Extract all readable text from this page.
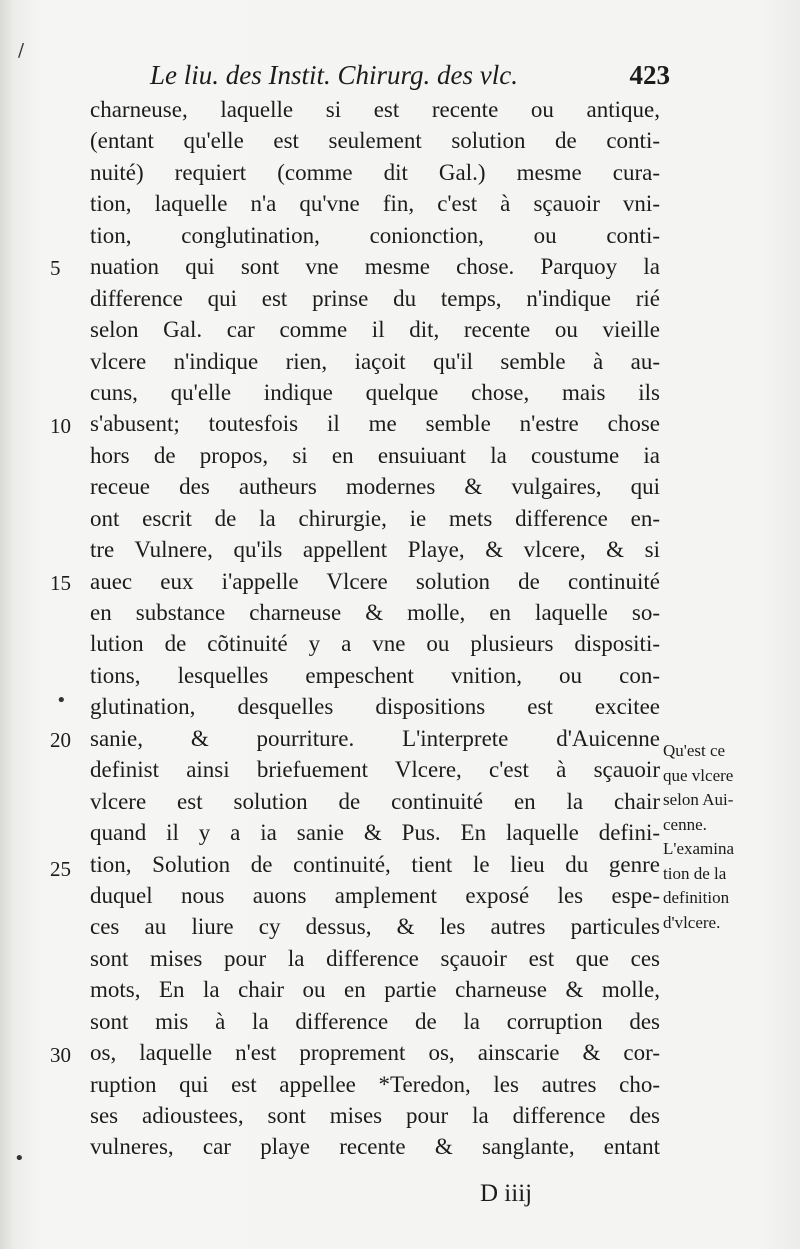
Le liu. des Instit. Chirurg. des vlc.	423
charneuse, laquelle si est recente ou antique,
(entant qu'elle est seulement solution de conti-
nuité) requiert (comme dit Gal.) mesme cura-
tion, laquelle n'a qu'vne fin, c'est à sçauoir vni-
tion, conglutination, conionction, ou conti-
nuation qui sont vne mesme chose. Parquoy la
difference qui est prinse du temps, n'indique rié
selon Gal. car comme il dit, recente ou vieille
vlcere n'indique rien, iaçoit qu'il semble à au-
cuns, qu'elle indique quelque chose, mais ils
s'abusent; toutesfois il me semble n'estre chose
hors de propos, si en ensuiuant la coustume ia
receue des autheurs modernes & vulgaires, qui
ont escrit de la chirurgie, ie mets difference en-
tre Vulnere, qu'ils appellent Playe, & vlcere, & si
auec eux i'appelle Vlcere solution de continuité
en substance charneuse & molle, en laquelle so-
lution de cõtinuité y a vne ou plusieurs dispositi-
tions, lesquelles empeschent vnition, ou con-
glutination, desquelles dispositions est excitee
sanie, & pourriture. L'interprete d'Auicenne
definist ainsi briefuement Vlcere, c'est à sçauoir
vlcere est solution de continuité en la chair
quand il y a ia sanie & Pus. En laquelle defini-
tion, Solution de continuité, tient le lieu du genre
duquel nous auons amplement exposé les espe-
ces au liure cy dessus, & les autres particules
sont mises pour la difference sçauoir est que ces
mots, En la chair ou en partie charneuse & molle,
sont mis à la difference de la corruption des
os, laquelle n'est proprement os, ainscarie & cor-
ruption qui est appellee *Teredon, les autres cho-
ses adioustees, sont mises pour la difference des
vulneres, car playe recente & sanglante, entant
5
10
15
20
25
30
Qu'est ce
que vlcere
selon Aui-
cenne.
L'examina
tion de la
definition
d'vlcere.
D iiij
/
•
•
